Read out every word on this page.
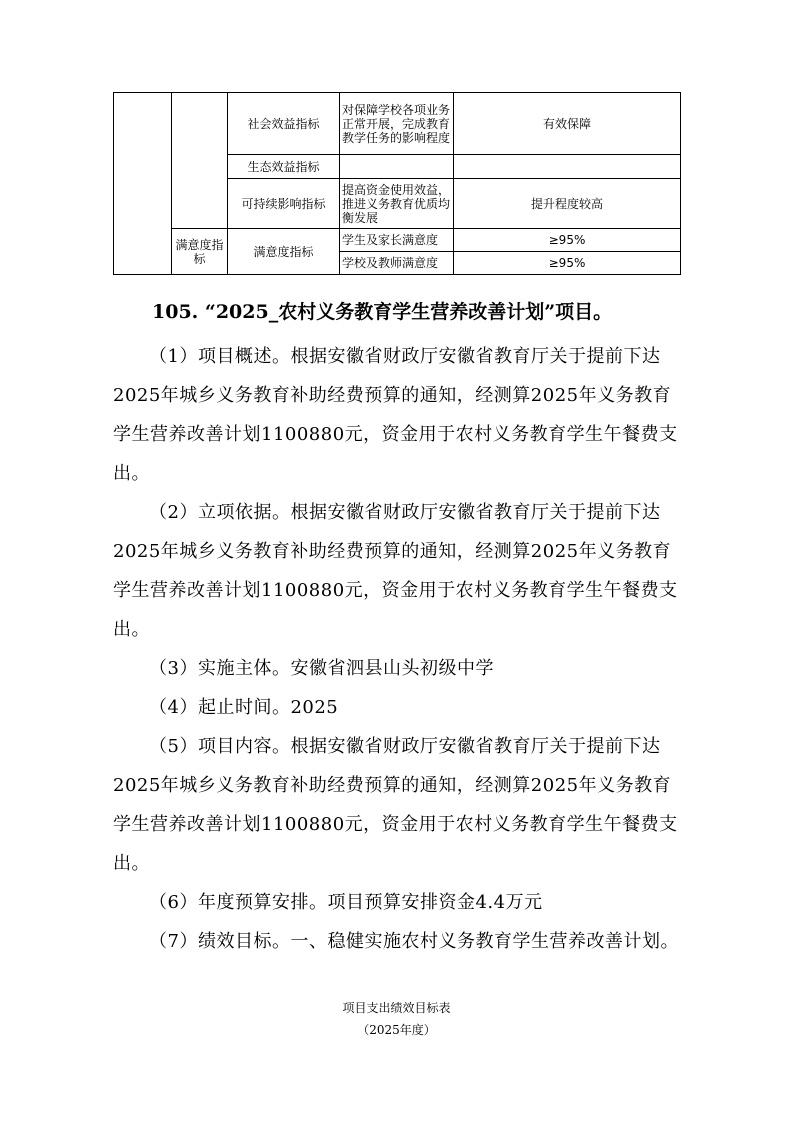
		社会效益指标	对保障学校各项业务正常开展，完成教育教学任务的影响程度	有效保障
		生态效益指标		
		可持续影响指标	提高资金使用效益，推进义务教育优质均衡发展	提升程度较高
	满意度指标	满意度指标	学生及家长满意度	≥95%
			学校及教师满意度	≥95%
105. “2025_农村义务教育学生营养改善计划”项目。

（1）项目概述。根据安徽省财政厅安徽省教育厅关于提前下达2025年城乡义务教育补助经费预算的通知，经测算2025年义务教育学生营养改善计划1100880元，资金用于农村义务教育学生午餐费支出。

（2）立项依据。根据安徽省财政厅安徽省教育厅关于提前下达2025年城乡义务教育补助经费预算的通知，经测算2025年义务教育学生营养改善计划1100880元，资金用于农村义务教育学生午餐费支出。

（3）实施主体。安徽省泗县山头初级中学

（4）起止时间。2025

（5）项目内容。根据安徽省财政厅安徽省教育厅关于提前下达2025年城乡义务教育补助经费预算的通知，经测算2025年义务教育学生营养改善计划1100880元，资金用于农村义务教育学生午餐费支出。

（6）年度预算安排。项目预算安排资金4.4万元

（7）绩效目标。一、稳健实施农村义务教育学生营养改善计划。

项目支出绩效目标表
（2025年度）
